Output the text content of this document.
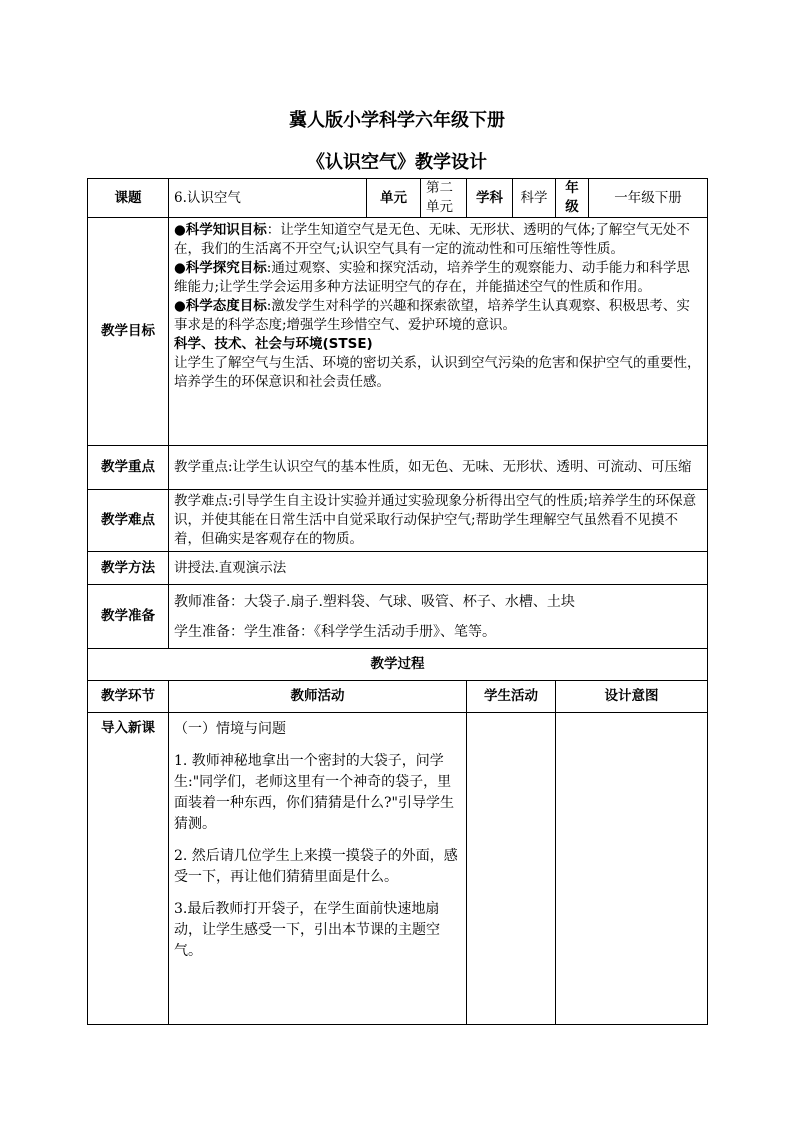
冀人版小学科学六年级下册
《认识空气》教学设计
课题	6.认识空气	单元	第二单元	学科	科学	年级	一年级下册
教学目标	●科学知识目标：让学生知道空气是无色、无味、无形状、透明的气体;了解空气无处不在，我们的生活离不开空气;认识空气具有一定的流动性和可压缩性等性质。

●科学探究目标:通过观察、实验和探究活动，培养学生的观察能力、动手能力和科学思维能力;让学生学会运用多种方法证明空气的存在，并能描述空气的性质和作用。

●科学态度目标:激发学生对科学的兴趣和探索欲望，培养学生认真观察、积极思考、实事求是的科学态度;增强学生珍惜空气、爱护环境的意识。

科学、技术、社会与环境(STSE)

让学生了解空气与生活、环境的密切关系，认识到空气污染的危害和保护空气的重要性，培养学生的环保意识和社会责任感。						

教学重点	教学重点:让学生认识空气的基本性质，如无色、无味、无形状、透明、可流动、可压缩						
教学难点	教学难点:引导学生自主设计实验并通过实验现象分析得出空气的性质;培养学生的环保意识，并使其能在日常生活中自觉采取行动保护空气;帮助学生理解空气虽然看不见摸不着，但确实是客观存在的物质。						
教学方法	讲授法.直观演示法						
教学准备	教师准备：大袋子.扇子.塑料袋、气球、吸管、杯子、水槽、土块
学生准备：学生准备：《科学学生活动手册》、笔等。						

教学过程							
教学环节	教师活动			学生活动		设计意图	
导入新课	（一）情境与问题

1. 教师神秘地拿出一个密封的大袋子，问学生:"同学们，老师这里有一个神奇的袋子，里面装着一种东西，你们猜猜是什么?"引导学生猜测。

2. 然后请几位学生上来摸一摸袋子的外面，感受一下，再让他们猜猜里面是什么。

3.最后教师打开袋子，在学生面前快速地扇动，让学生感受一下，引出本节课的主题空气。						
